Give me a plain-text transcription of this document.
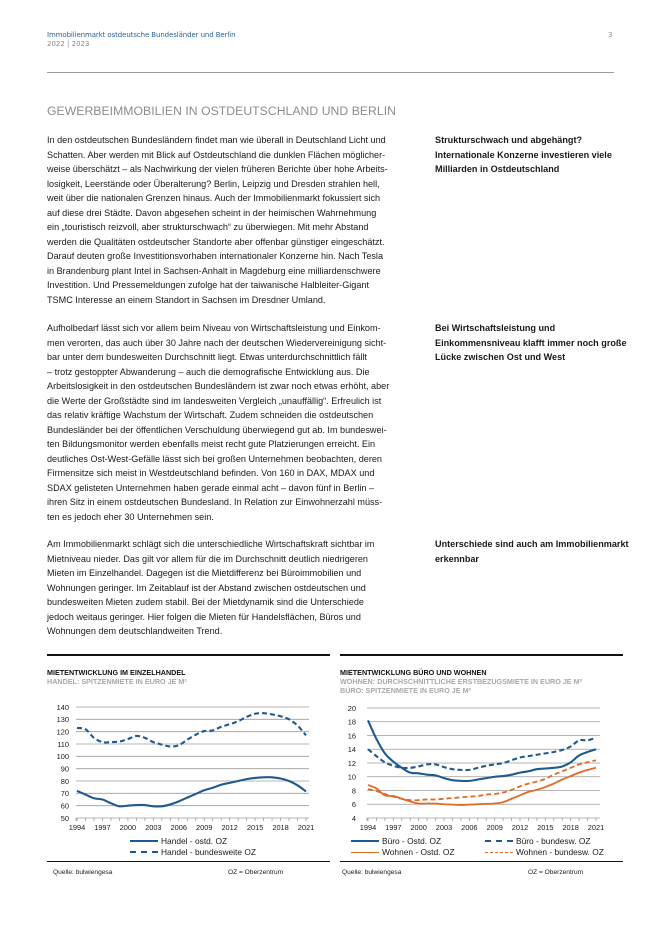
Immobilienmarkt ostdeutsche Bundesländer und Berlin
2022 | 2023
3
GEWERBEIMMOBILIEN IN OSTDEUTSCHLAND UND BERLIN
In den ostdeutschen Bundesländern findet man wie überall in Deutschland Licht und
Schatten. Aber werden mit Blick auf Ostdeutschland die dunklen Flächen möglicher-
weise überschätzt – als Nachwirkung der vielen früheren Berichte über hohe Arbeits-
losigkeit, Leerstände oder Überalterung? Berlin, Leipzig und Dresden strahlen hell,
weit über die nationalen Grenzen hinaus. Auch der Immobilienmarkt fokussiert sich
auf diese drei Städte. Davon abgesehen scheint in der heimischen Wahrnehmung
ein „touristisch reizvoll, aber strukturschwach“ zu überwiegen. Mit mehr Abstand
werden die Qualitäten ostdeutscher Standorte aber offenbar günstiger eingeschätzt.
Darauf deuten große Investitionsvorhaben internationaler Konzerne hin. Nach Tesla
in Brandenburg plant Intel in Sachsen-Anhalt in Magdeburg eine milliardenschwere
Investition. Und Pressemeldungen zufolge hat der taiwanische Halbleiter-Gigant
TSMC Interesse an einem Standort in Sachsen im Dresdner Umland.
Strukturschwach und abgehängt? Internationale Konzerne investieren viele Milliarden in Ostdeutschland
Aufholbedarf lässt sich vor allem beim Niveau von Wirtschaftsleistung und Einkom-
men verorten, das auch über 30 Jahre nach der deutschen Wiedervereinigung sicht-
bar unter dem bundesweiten Durchschnitt liegt. Etwas unterdurchschnittlich fällt
– trotz gestoppter Abwanderung – auch die demografische Entwicklung aus. Die
Arbeitslosigkeit in den ostdeutschen Bundesländern ist zwar noch etwas erhöht, aber
die Werte der Großstädte sind im landesweiten Vergleich „unauffällig“. Erfreulich ist
das relativ kräftige Wachstum der Wirtschaft. Zudem schneiden die ostdeutschen
Bundesländer bei der öffentlichen Verschuldung überwiegend gut ab. Im bundeswei-
ten Bildungsmonitor werden ebenfalls meist recht gute Platzierungen erreicht. Ein
deutliches Ost-West-Gefälle lässt sich bei großen Unternehmen beobachten, deren
Firmensitze sich meist in Westdeutschland befinden. Von 160 in DAX, MDAX und
SDAX gelisteten Unternehmen haben gerade einmal acht – davon fünf in Berlin –
ihren Sitz in einem ostdeutschen Bundesland. In Relation zur Einwohnerzahl müss-
ten es jedoch eher 30 Unternehmen sein.
Bei Wirtschaftsleistung und Einkommensniveau klafft immer noch große Lücke zwischen Ost und West
Am Immobilienmarkt schlägt sich die unterschiedliche Wirtschaftskraft sichtbar im
Mietniveau nieder. Das gilt vor allem für die im Durchschnitt deutlich niedrigeren
Mieten im Einzelhandel. Dagegen ist die Mietdifferenz bei Büroimmobilien und
Wohnungen geringer. Im Zeitablauf ist der Abstand zwischen ostdeutschen und
bundesweiten Mieten zudem stabil. Bei der Mietdynamik sind die Unterschiede
jedoch weitaus geringer. Hier folgen die Mieten für Handelsflächen, Büros und
Wohnungen dem deutschlandweiten Trend.
Unterschiede sind auch am Immobilienmarkt erkennbar
MIETENTWICKLUNG IM EINZELHANDEL
HANDEL: SPITZENMIETE IN EURO JE M²
50
60
70
80
90
100
110
120
130
140
1994 1997 2000 2003 2006 2009 2012 2015 2018 2021
Handel - ostd. OZ
Handel - bundesweite OZ
Quelle: bulwiengesa	OZ = Oberzentrum
MIETENTWICKLUNG BÜRO UND WOHNEN
WOHNEN: DURCHSCHNITTLICHE ERSTBEZUGSMIETE IN EURO JE M²
BÜRO: SPITZENMIETE IN EURO JE M²
4
6
8
10
12
14
16
18
20
1994 1997 2000 2003 2006 2009 2012 2015 2018 2021
Büro - Ostd. OZ	Büro - bundesw. OZ
Wohnen - Ostd. OZ	Wohnen - bundesw. OZ
Quelle: bulwiengesa	OZ = Oberzentrum
